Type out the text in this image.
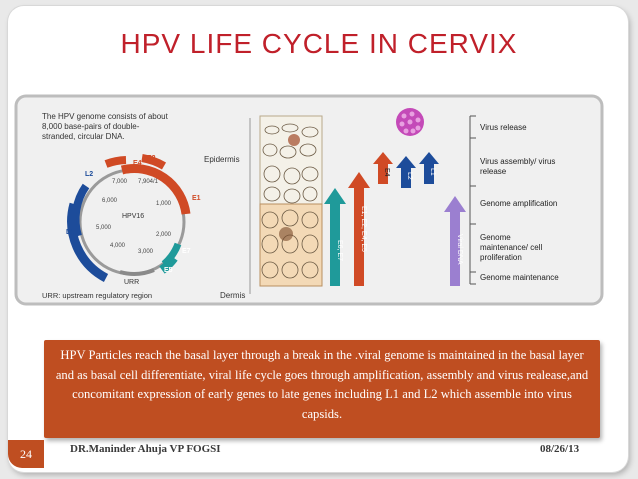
HPV LIFE CYCLE IN CERVIX
The HPV genome consists of about
8,000 base-pairs of double-
stranded, circular DNA.
E2
E4
E6
E1
L2
L1
E7
E5
7,000 7,904/1
1,000
6,000
2,000
5,000
4,000
3,000
HPV16
URR
URR: upstream regulatory region
Epidermis
Dermis
E6, E7 E1, E2, E4, E5
E4 L2
L1
Viral DNA
Virus release
Virus assembly/ virus
release
Genome amplification
Genome
maintenance/ cell
proliferation
Genome maintenance

HPV Particles reach the basal layer through a break in the .viral genome is maintained in the basal layer and as basal cell differentiate, viral life cycle goes through amplification, assembly and virus realease,and concomitant expression of early genes to late genes including L1 and L2 which assemble into virus capsids.

24	DR.Maninder Ahuja VP FOGSI	08/26/13
